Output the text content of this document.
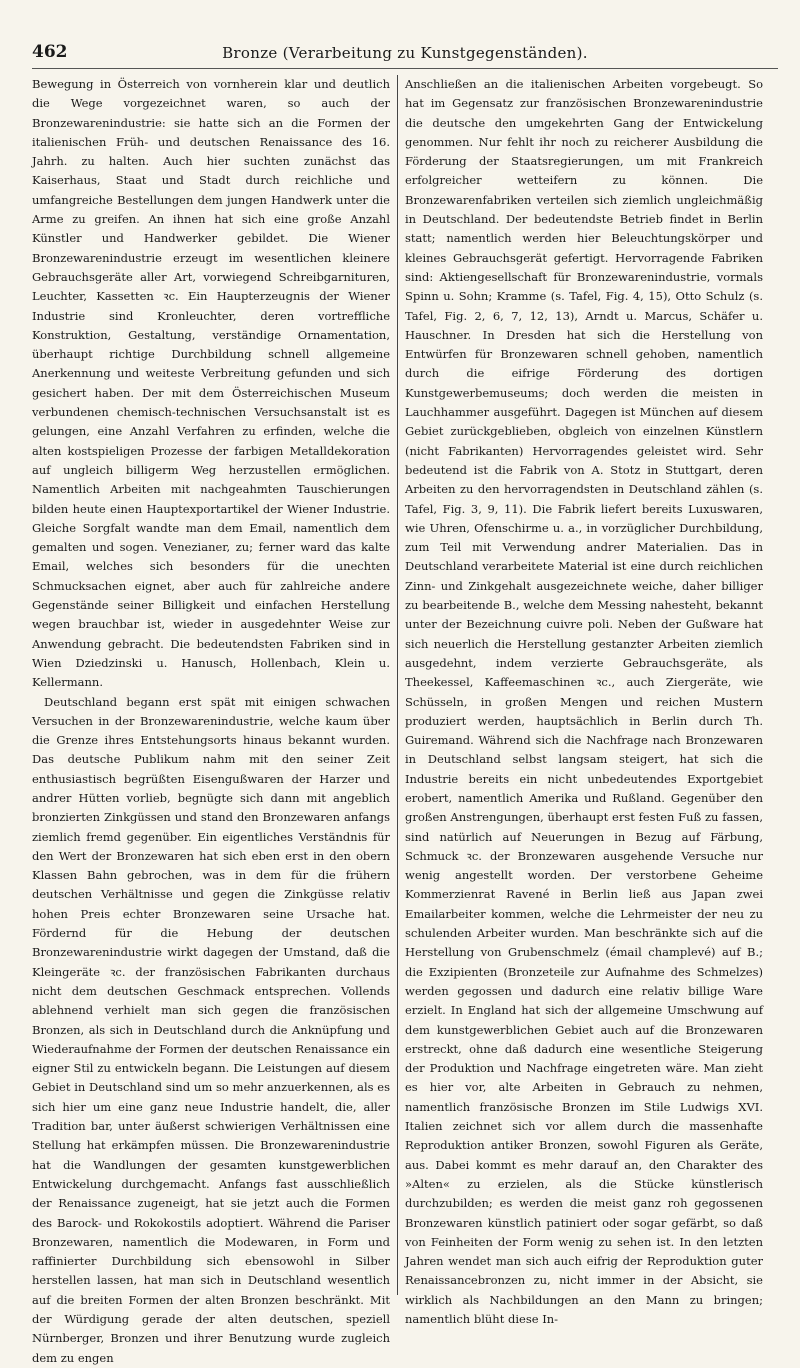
462	Bronze (Verarbeitung zu Kunstgegenständen).

Bewegung in Österreich von vornherein klar und deutlich die Wege vorgezeichnet waren, so auch der Bronzewarenindustrie: sie hatte sich an die Formen der italienischen Früh- und deutschen Renaissance des 16. Jahrh. zu halten. Auch hier suchten zunächst das Kaiserhaus, Staat und Stadt durch reichliche und umfangreiche Bestellungen dem jungen Handwerk unter die Arme zu greifen. An ihnen hat sich eine große Anzahl Künstler und Handwerker gebildet. Die Wiener Bronzewarenindustrie erzeugt im wesentlichen kleinere Gebrauchsgeräte aller Art, vorwiegend Schreibgarnituren, Leuchter, Kassetten ꝛc. Ein Haupterzeugnis der Wiener Industrie sind Kronleuchter, deren vortreffliche Konstruktion, Gestaltung, verständige Ornamentation, überhaupt richtige Durchbildung schnell allgemeine Anerkennung und weiteste Verbreitung gefunden und sich gesichert haben. Der mit dem Österreichischen Museum verbundenen chemisch-technischen Versuchsanstalt ist es gelungen, eine Anzahl Verfahren zu erfinden, welche die alten kostspieligen Prozesse der farbigen Metalldekoration auf ungleich billigerm Weg herzustellen ermöglichen. Namentlich Arbeiten mit nachgeahmten Tauschierungen bilden heute einen Hauptexportartikel der Wiener Industrie. Gleiche Sorgfalt wandte man dem Email, namentlich dem gemalten und sogen. Venezianer, zu; ferner ward das kalte Email, welches sich besonders für die unechten Schmucksachen eignet, aber auch für zahlreiche andere Gegenstände seiner Billigkeit und einfachen Herstellung wegen brauchbar ist, wieder in ausgedehnter Weise zur Anwendung gebracht. Die bedeutendsten Fabriken sind in Wien Dziedzinski u. Hanusch, Hollenbach, Klein u. Kellermann.

Deutschland begann erst spät mit einigen schwachen Versuchen in der Bronzewarenindustrie, welche kaum über die Grenze ihres Entstehungsorts hinaus bekannt wurden. Das deutsche Publikum nahm mit den seiner Zeit enthusiastisch begrüßten Eisengußwaren der Harzer und andrer Hütten vorlieb, begnügte sich dann mit angeblich bronzierten Zinkgüssen und stand den Bronzewaren anfangs ziemlich fremd gegenüber. Ein eigentliches Verständnis für den Wert der Bronzewaren hat sich eben erst in den obern Klassen Bahn gebrochen, was in dem für die frühern deutschen Verhältnisse und gegen die Zinkgüsse relativ hohen Preis echter Bronzewaren seine Ursache hat. Fördernd für die Hebung der deutschen Bronzewarenindustrie wirkt dagegen der Umstand, daß die Kleingeräte ꝛc. der französischen Fabrikanten durchaus nicht dem deutschen Geschmack entsprechen. Vollends ablehnend verhielt man sich gegen die französischen Bronzen, als sich in Deutschland durch die Anknüpfung und Wiederaufnahme der Formen der deutschen Renaissance ein eigner Stil zu entwickeln begann. Die Leistungen auf diesem Gebiet in Deutschland sind um so mehr anzuerkennen, als es sich hier um eine ganz neue Industrie handelt, die, aller Tradition bar, unter äußerst schwierigen Verhältnissen eine Stellung hat erkämpfen müssen. Die Bronzewarenindustrie hat die Wandlungen der gesamten kunstgewerblichen Entwickelung durchgemacht. Anfangs fast ausschließlich der Renaissance zugeneigt, hat sie jetzt auch die Formen des Barock- und Rokokostils adoptiert. Während die Pariser Bronzewaren, namentlich die Modewaren, in Form und raffinierter Durchbildung sich ebensowohl in Silber herstellen lassen, hat man sich in Deutschland wesentlich auf die breiten Formen der alten Bronzen beschränkt. Mit der Würdigung gerade der alten deutschen, speziell Nürnberger, Bronzen und ihrer Benutzung wurde zugleich dem zu engen

Anschließen an die italienischen Arbeiten vorgebeugt. So hat im Gegensatz zur französischen Bronzewarenindustrie die deutsche den umgekehrten Gang der Entwickelung genommen. Nur fehlt ihr noch zu reicherer Ausbildung die Förderung der Staatsregierungen, um mit Frankreich erfolgreicher wetteifern zu können. Die Bronzewarenfabriken verteilen sich ziemlich ungleichmäßig in Deutschland. Der bedeutendste Betrieb findet in Berlin statt; namentlich werden hier Beleuchtungskörper und kleines Gebrauchsgerät gefertigt. Hervorragende Fabriken sind: Aktiengesellschaft für Bronzewarenindustrie, vormals Spinn u. Sohn; Kramme (s. Tafel, Fig. 4, 15), Otto Schulz (s. Tafel, Fig. 2, 6, 7, 12, 13), Arndt u. Marcus, Schäfer u. Hauschner. In Dresden hat sich die Herstellung von Entwürfen für Bronzewaren schnell gehoben, namentlich durch die eifrige Förderung des dortigen Kunstgewerbemuseums; doch werden die meisten in Lauchhammer ausgeführt. Dagegen ist München auf diesem Gebiet zurückgeblieben, obgleich von einzelnen Künstlern (nicht Fabrikanten) Hervorragendes geleistet wird. Sehr bedeutend ist die Fabrik von A. Stotz in Stuttgart, deren Arbeiten zu den hervorragendsten in Deutschland zählen (s. Tafel, Fig. 3, 9, 11). Die Fabrik liefert bereits Luxuswaren, wie Uhren, Ofenschirme u. a., in vorzüglicher Durchbildung, zum Teil mit Verwendung andrer Materialien. Das in Deutschland verarbeitete Material ist eine durch reichlichen Zinn- und Zinkgehalt ausgezeichnete weiche, daher billiger zu bearbeitende B., welche dem Messing nahesteht, bekannt unter der Bezeichnung cuivre poli. Neben der Gußware hat sich neuerlich die Herstellung gestanzter Arbeiten ziemlich ausgedehnt, indem verzierte Gebrauchsgeräte, als Theekessel, Kaffeemaschinen ꝛc., auch Ziergeräte, wie Schüsseln, in großen Mengen und reichen Mustern produziert werden, hauptsächlich in Berlin durch Th. Guiremand. Während sich die Nachfrage nach Bronzewaren in Deutschland selbst langsam steigert, hat sich die Industrie bereits ein nicht unbedeutendes Exportgebiet erobert, namentlich Amerika und Rußland. Gegenüber den großen Anstrengungen, überhaupt erst festen Fuß zu fassen, sind natürlich auf Neuerungen in Bezug auf Färbung, Schmuck ꝛc. der Bronzewaren ausgehende Versuche nur wenig angestellt worden. Der verstorbene Geheime Kommerzienrat Ravené in Berlin ließ aus Japan zwei Emailarbeiter kommen, welche die Lehrmeister der neu zu schulenden Arbeiter wurden. Man beschränkte sich auf die Herstellung von Grubenschmelz (émail champlevé) auf B.; die Exzipienten (Bronzeteile zur Aufnahme des Schmelzes) werden gegossen und dadurch eine relativ billige Ware erzielt. In England hat sich der allgemeine Umschwung auf dem kunstgewerblichen Gebiet auch auf die Bronzewaren erstreckt, ohne daß dadurch eine wesentliche Steigerung der Produktion und Nachfrage eingetreten wäre. Man zieht es hier vor, alte Arbeiten in Gebrauch zu nehmen, namentlich französische Bronzen im Stile Ludwigs XVI. Italien zeichnet sich vor allem durch die massenhafte Reproduktion antiker Bronzen, sowohl Figuren als Geräte, aus. Dabei kommt es mehr darauf an, den Charakter des »Alten« zu erzielen, als die Stücke künstlerisch durchzubilden; es werden die meist ganz roh gegossenen Bronzewaren künstlich patiniert oder sogar gefärbt, so daß von Feinheiten der Form wenig zu sehen ist. In den letzten Jahren wendet man sich auch eifrig der Reproduktion guter Renaissancebronzen zu, nicht immer in der Absicht, sie wirklich als Nachbildungen an den Mann zu bringen; namentlich blüht diese In-
